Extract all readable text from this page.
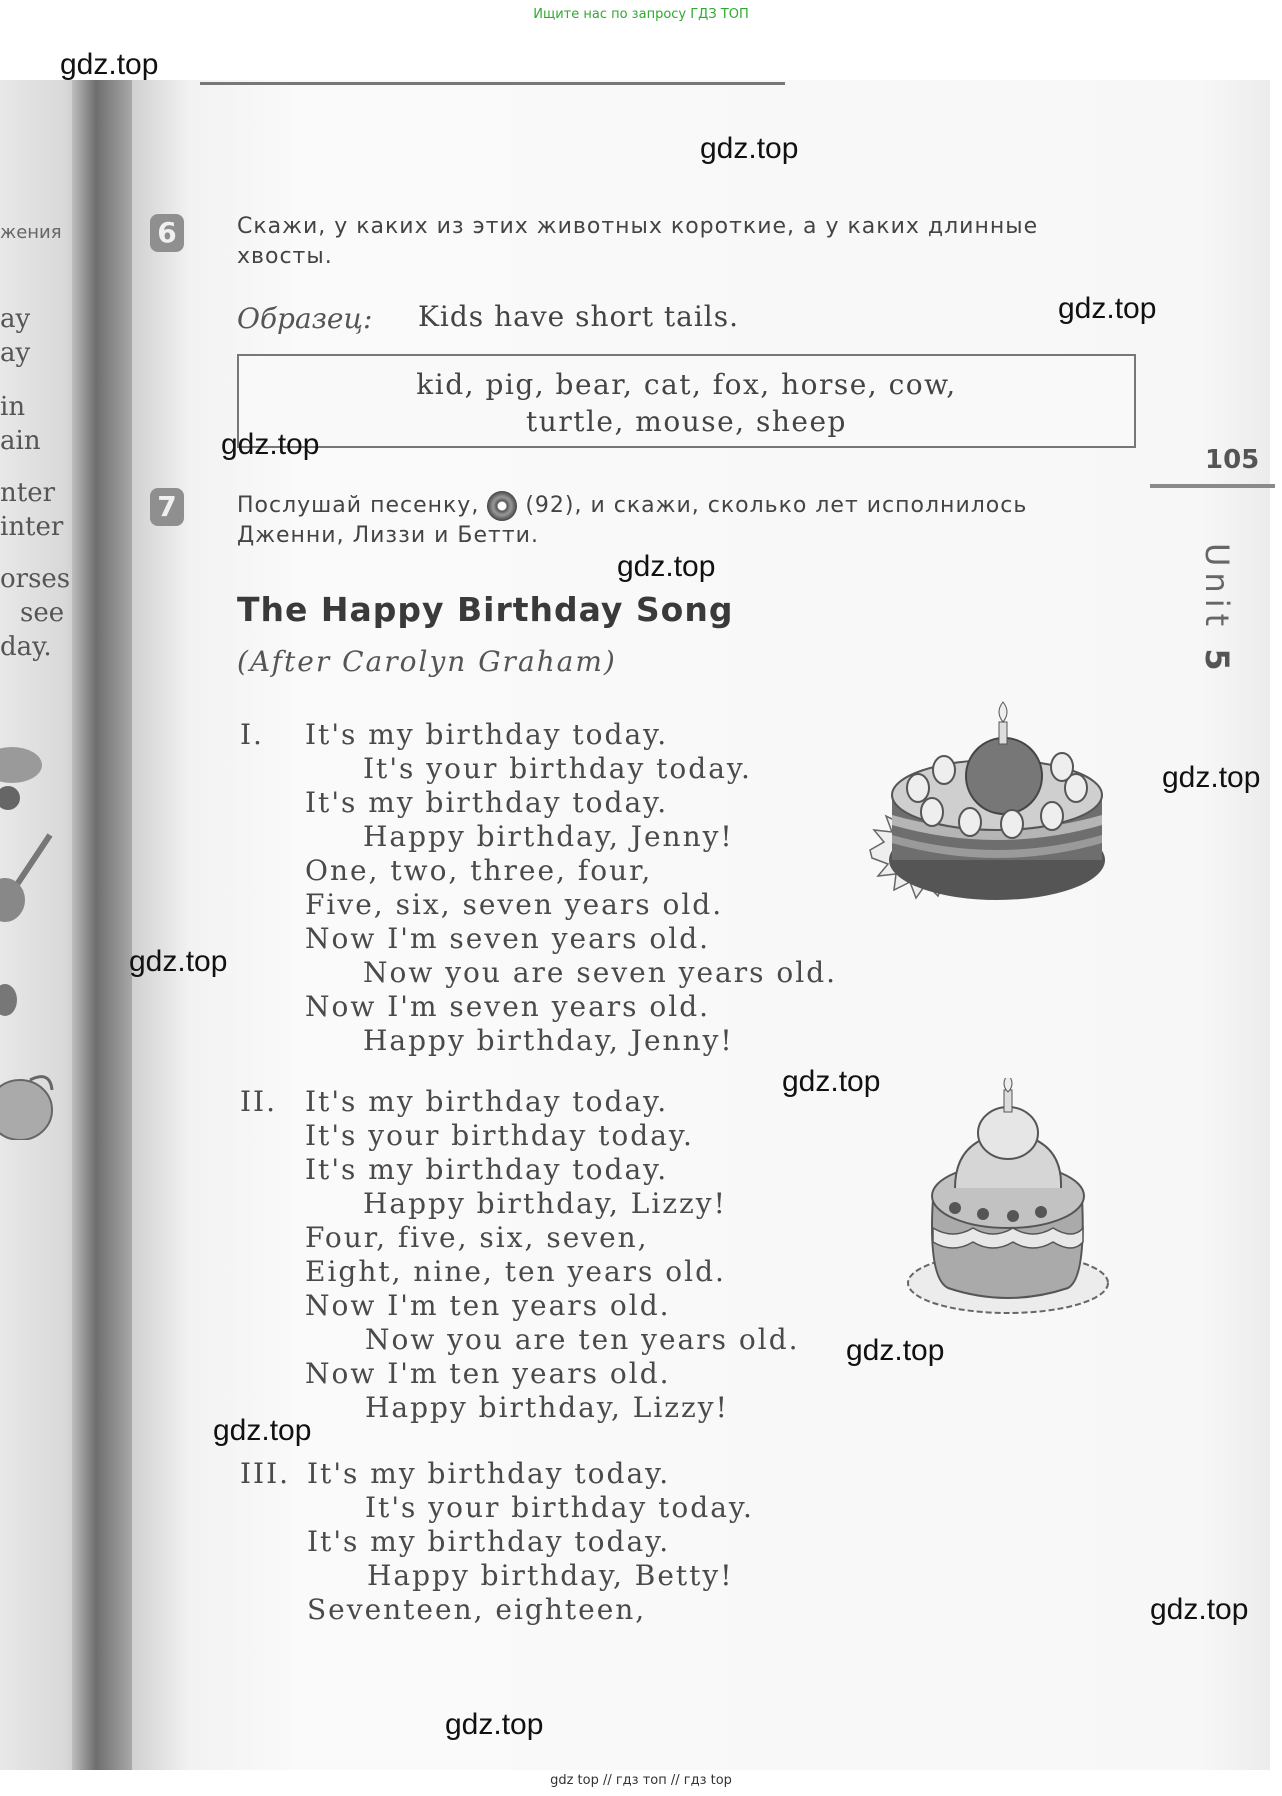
жения
ay
ay
in
ain
nter
inter
orses
see
day.
Ищите нас по запросу ГДЗ ТОП
6	Скажи, у каких из этих животных короткие, а у каких длинные хвосты.
Образец: Kids have short tails.
kid, pig, bear, cat, fox, horse, cow,
turtle, mouse, sheep
105
Unit 5
7	Послушай песенку, (92), и скажи, сколько лет исполнилось Дженни, Лиззи и Бетти.
The Happy Birthday Song
(After Carolyn Graham)
I. It's my birthday today.
It's your birthday today.
It's my birthday today.
Happy birthday, Jenny!
One, two, three, four,
Five, six, seven years old.
Now I'm seven years old.
Now you are seven years old.
Now I'm seven years old.
Happy birthday, Jenny!
II. It's my birthday today.
It's your birthday today.
It's my birthday today.
Happy birthday, Lizzy!
Four, five, six, seven,
Eight, nine, ten years old.
Now I'm ten years old.
Now you are ten years old.
Now I'm ten years old.
Happy birthday, Lizzy!
III. It's my birthday today.
It's your birthday today.
It's my birthday today.
Happy birthday, Betty!
Seventeen, eighteen,
gdz.top
gdz.top
gdz.top
gdz.top
gdz.top
gdz.top
gdz.top
gdz.top
gdz.top
gdz.top
gdz.top
gdz.top
gdz top // гдз топ // гдз top
